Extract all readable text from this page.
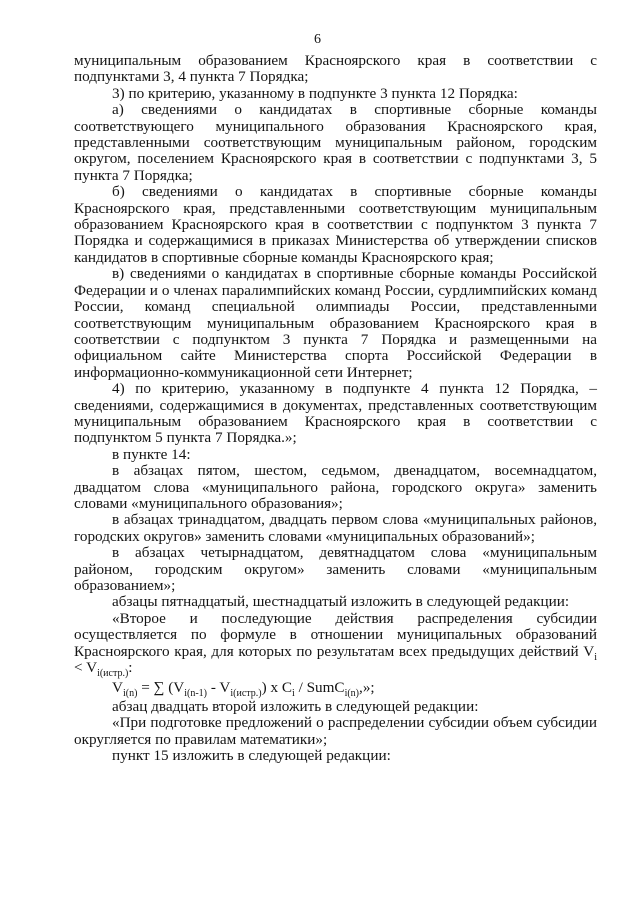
6

муниципальным образованием Красноярского края в соответствии с подпунктами 3, 4 пункта 7 Порядка;

3) по критерию, указанному в подпункте 3 пункта 12 Порядка:

а) сведениями о кандидатах в спортивные сборные команды соответствующего муниципального образования Красноярского края, представленными соответствующим муниципальным районом, городским округом, поселением Красноярского края в соответствии с подпунктами 3, 5 пункта 7 Порядка;

б) сведениями о кандидатах в спортивные сборные команды Красноярского края, представленными соответствующим муниципальным образованием Красноярского края в соответствии с подпунктом 3 пункта 7 Порядка и содержащимися в приказах Министерства об утверждении списков кандидатов в спортивные сборные команды Красноярского края;

в) сведениями о кандидатах в спортивные сборные команды Российской Федерации и о членах паралимпийских команд России, сурдлимпийских команд России, команд специальной олимпиады России, представленными соответствующим муниципальным образованием Красноярского края в соответствии с подпунктом 3 пункта 7 Порядка и размещенными на официальном сайте Министерства спорта Российской Федерации в информационно-коммуникационной сети Интернет;

4) по критерию, указанному в подпункте 4 пункта 12 Порядка, – сведениями, содержащимися в документах, представленных соответствующим муниципальным образованием Красноярского края в соответствии с подпунктом 5 пункта 7 Порядка.»;

в пункте 14:

в абзацах пятом, шестом, седьмом, двенадцатом, восемнадцатом, двадцатом слова «муниципального района, городского округа» заменить словами «муниципального образования»;

в абзацах тринадцатом, двадцать первом слова «муниципальных районов, городских округов» заменить словами «муниципальных образований»;

в абзацах четырнадцатом, девятнадцатом слова «муниципальным районом, городским округом» заменить словами «муниципальным образованием»;

абзацы пятнадцатый, шестнадцатый изложить в следующей редакции:

«Второе и последующие действия распределения субсидии осуществляется по формуле в отношении муниципальных образований Красноярского края, для которых по результатам всех предыдущих действий $V_i < V_{i(истр.)}$:

$V_{i(n)}$ = ∑ $(V_{i(n-1)} - V_{i(истр.)})$ x $C_i$ / SumC$_{i(n)}$,»;

абзац двадцать второй изложить в следующей редакции:

«При подготовке предложений о распределении субсидии объем субсидии округляется по правилам математики»;

пункт 15 изложить в следующей редакции:
